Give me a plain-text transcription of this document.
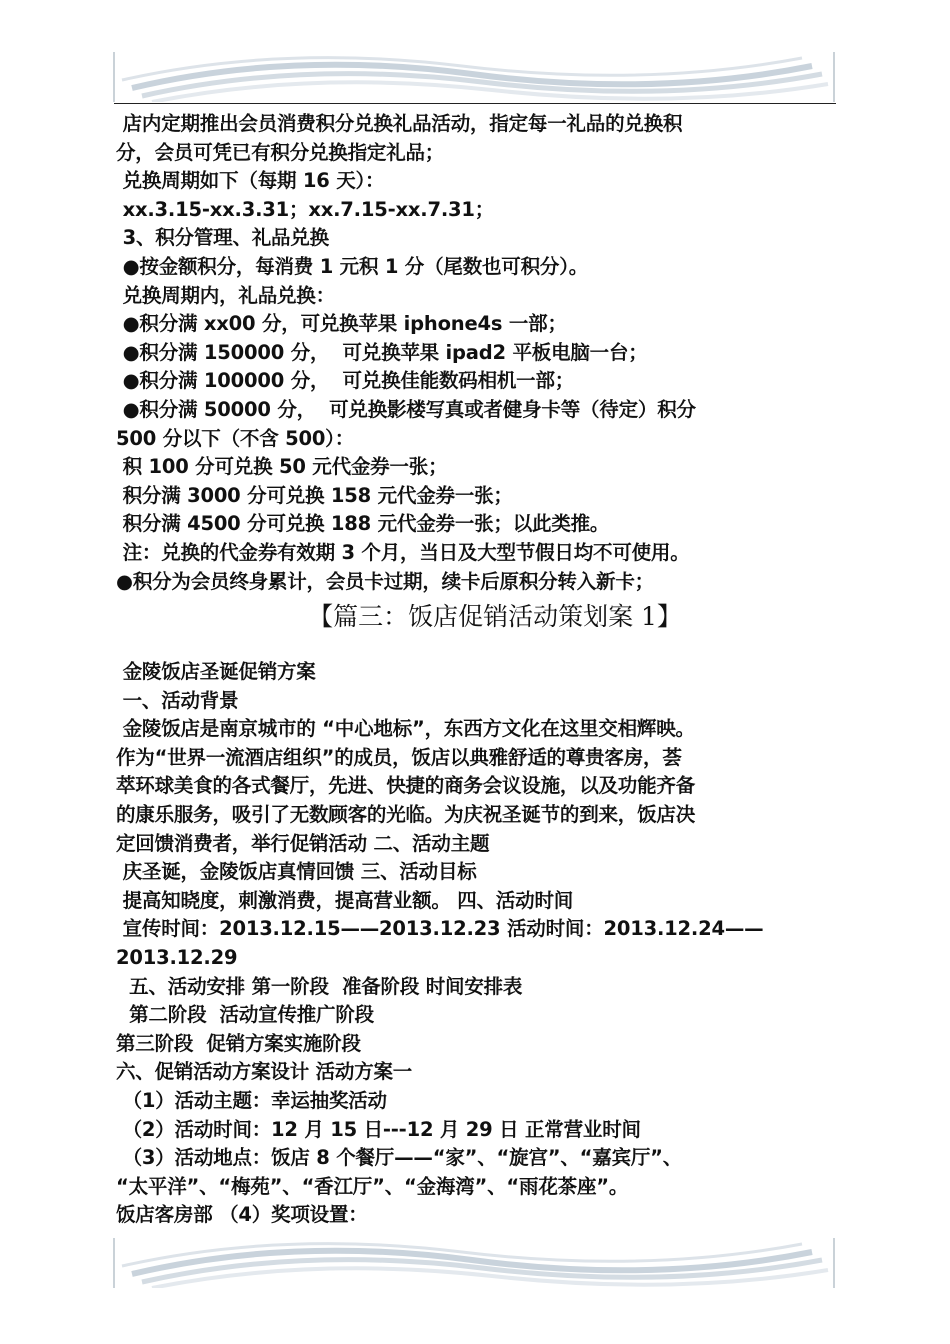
店内定期推出会员消费积分兑换礼品活动，指定每一礼品的兑换积
分，会员可凭已有积分兑换指定礼品；
兑换周期如下（每期 16 天）：
xx.3.15-xx.3.31；xx.7.15-xx.7.31；
3、积分管理、礼品兑换
●按金额积分，每消费 1 元积 1 分（尾数也可积分）。
兑换周期内，礼品兑换：
●积分满 xx00 分，可兑换苹果 iphone4s 一部；
●积分满 150000 分，  可兑换苹果 ipad2 平板电脑一台；
●积分满 100000 分，  可兑换佳能数码相机一部；
●积分满 50000 分，  可兑换影楼写真或者健身卡等（待定）积分
500 分以下（不含 500）：
积 100 分可兑换 50 元代金券一张；
积分满 3000 分可兑换 158 元代金券一张；
积分满 4500 分可兑换 188 元代金券一张；以此类推。
注：兑换的代金券有效期 3 个月，当日及大型节假日均不可使用。
●积分为会员终身累计，会员卡过期，续卡后原积分转入新卡；
【篇三：饭店促销活动策划案 1】
金陵饭店圣诞促销方案
一、活动背景
金陵饭店是南京城市的 “中心地标”，东西方文化在这里交相辉映。
作为“世界一流酒店组织”的成员，饭店以典雅舒适的尊贵客房，荟
萃环球美食的各式餐厅，先进、快捷的商务会议设施，以及功能齐备
的康乐服务，吸引了无数顾客的光临。为庆祝圣诞节的到来，饭店决
定回馈消费者，举行促销活动 二、活动主题
庆圣诞，金陵饭店真情回馈 三、活动目标
提高知晓度，刺激消费，提高营业额。 四、活动时间
宣传时间：2013.12.15——2013.12.23 活动时间：2013.12.24——
2013.12.29
五、活动安排 第一阶段  准备阶段 时间安排表
第二阶段  活动宣传推广阶段
第三阶段  促销方案实施阶段
六、促销活动方案设计 活动方案一
（1）活动主题：幸运抽奖活动
（2）活动时间：12 月 15 日---12 月 29 日 正常营业时间
（3）活动地点：饭店 8 个餐厅——“家”、“旋宫”、“嘉宾厅”、
“太平洋”、“梅苑”、“香江厅”、“金海湾”、“雨花茶座”。
饭店客房部 （4）奖项设置：
